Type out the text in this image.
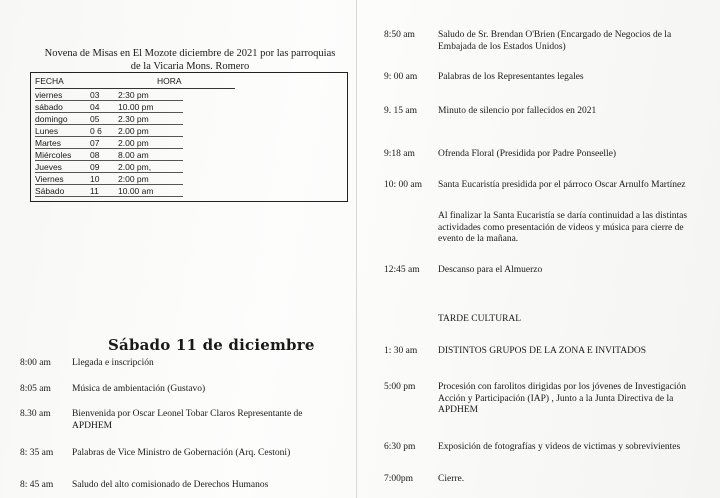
Novena de Misas en El Mozote diciembre de 2021 por las parroquias de la Vicaria Mons. Romero
FECHA	HORA
viernes	03 2:30 pm
sábado	04 10.00 pm
domingo	05 2.30 pm
Lunes	0 6 2.00 pm
Martes	07 2.00 pm
Miércoles 08 8.00 am
Jueves	09 2.00 pm,
Viernes	10 2:00 pm
Sábado	11 10.00 am
Sábado 11 de diciembre
8:00 am Llegada e inscripción
8:05 am Música de ambientación (Gustavo)
8.30 am Bienvenida por Oscar Leonel Tobar Claros Representante de APDHEM
8: 35 am Palabras de Vice Ministro de Gobernación (Arq. Cestoni)
8: 45 am Saludo del alto comisionado de Derechos Humanos
8:50 am Saludo de Sr. Brendan O'Brien (Encargado de Negocios de la Embajada de los Estados Unidos)
9: 00 am Palabras de los Representantes legales
9. 15 am Minuto de silencio por fallecidos en 2021
9:18 am Ofrenda Floral (Presidida por Padre Ponseelle)
10: 00 am Santa Eucaristía presidida por el párroco Oscar Arnulfo Martínez
Al finalizar la Santa Eucaristía se daría continuidad a las distintas actividades como presentación de videos y música para cierre de evento de la mañana.
12:45 am Descanso para el Almuerzo
TARDE CULTURAL
1: 30 am DISTINTOS GRUPOS DE LA ZONA E INVITADOS
5:00 pm Procesión con farolitos dirigidas por los jóvenes de Investigación Acción y Participación (IAP) , Junto a la Junta Directiva de la APDHEM
6:30 pm Exposición de fotografías y videos de victimas y sobrevivientes
7:00pm	Cierre.
